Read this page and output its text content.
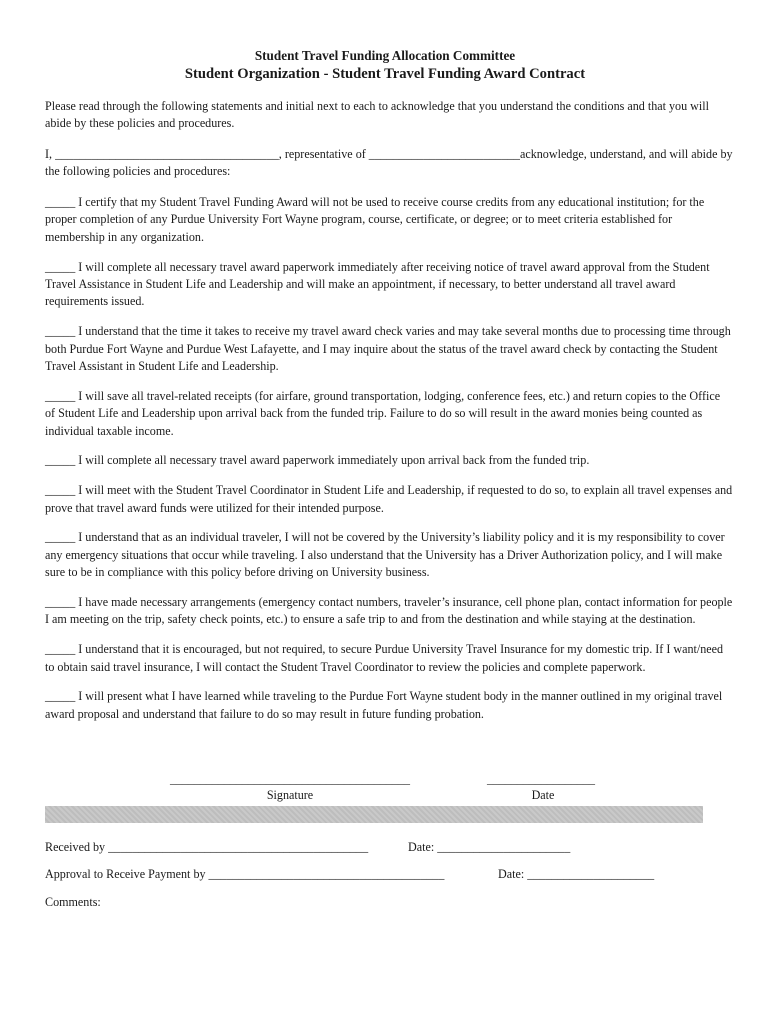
Student Travel Funding Allocation Committee
Student Organization - Student Travel Funding Award Contract
Please read through the following statements and initial next to each to acknowledge that you understand the conditions and that you will abide by these policies and procedures.
I, _____________________________________, representative of _________________________acknowledge, understand, and will abide by the following policies and procedures:

_____ I certify that my Student Travel Funding Award will not be used to receive course credits from any educational institution; for the proper completion of any Purdue University Fort Wayne program, course, certificate, or degree; or to meet criteria established for membership in any organization.

_____ I will complete all necessary travel award paperwork immediately after receiving notice of travel award approval from the Student Travel Assistance in Student Life and Leadership and will make an appointment, if necessary, to better understand all travel award requirements issued.

_____ I understand that the time it takes to receive my travel award check varies and may take several months due to processing time through both Purdue Fort Wayne and Purdue West Lafayette, and I may inquire about the status of the travel award check by contacting the Student Travel Assistant in Student Life and Leadership.

_____ I will save all travel-related receipts (for airfare, ground transportation, lodging, conference fees, etc.) and return copies to the Office of Student Life and Leadership upon arrival back from the funded trip. Failure to do so will result in the award monies being counted as individual taxable income.

_____ I will complete all necessary travel award paperwork immediately upon arrival back from the funded trip.

_____ I will meet with the Student Travel Coordinator in Student Life and Leadership, if requested to do so, to explain all travel expenses and prove that travel award funds were utilized for their intended purpose.

_____ I understand that as an individual traveler, I will not be covered by the University’s liability policy and it is my responsibility to cover any emergency situations that occur while traveling. I also understand that the University has a Driver Authorization policy, and I will make sure to be in compliance with this policy before driving on University business.

_____ I have made necessary arrangements (emergency contact numbers, traveler’s insurance, cell phone plan, contact information for people I am meeting on the trip, safety check points, etc.) to ensure a safe trip to and from the destination and while staying at the destination.

_____ I understand that it is encouraged, but not required, to secure Purdue University Travel Insurance for my domestic trip. If I want/need to obtain said travel insurance, I will contact the Student Travel Coordinator to review the policies and complete paperwork.

_____ I will present what I have learned while traveling to the Purdue Fort Wayne student body in the manner outlined in my original travel award proposal and understand that failure to do so may result in future funding probation.

________________________________________
Signature
__________________
Date
Received by ___________________________________________	Date: ______________________
Approval to Receive Payment by _______________________________________	Date: _____________________
Comments:
